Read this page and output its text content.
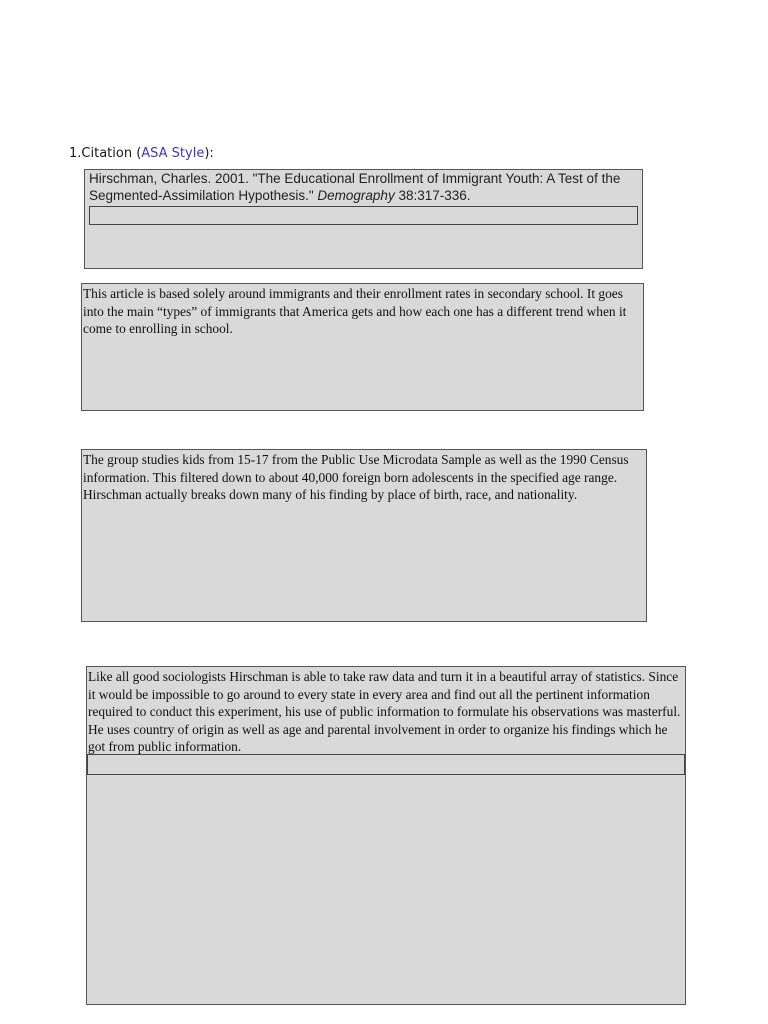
1.Citation (ASA Style):
Hirschman, Charles. 2001. "The Educational Enrollment of Immigrant Youth: A Test of the Segmented-Assimilation Hypothesis." Demography 38:317-336.
This article is based solely around immigrants and their enrollment rates in secondary school. It goes into the main “types” of immigrants that America gets and how each one has a different trend when it come to enrolling in school.
The group studies kids from 15-17 from the Public Use Microdata Sample as well as the 1990 Census information. This filtered down to about 40,000 foreign born adolescents in the specified age range. Hirschman actually breaks down many of his finding by place of birth, race, and nationality.
Like all good sociologists Hirschman is able to take raw data and turn it in a beautiful array of statistics. Since it would be impossible to go around to every state in every area and find out all the pertinent information required to conduct this experiment, his use of public information to formulate his observations was masterful. He uses country of origin as well as age and parental involvement in order to organize his findings which he got from public information.
